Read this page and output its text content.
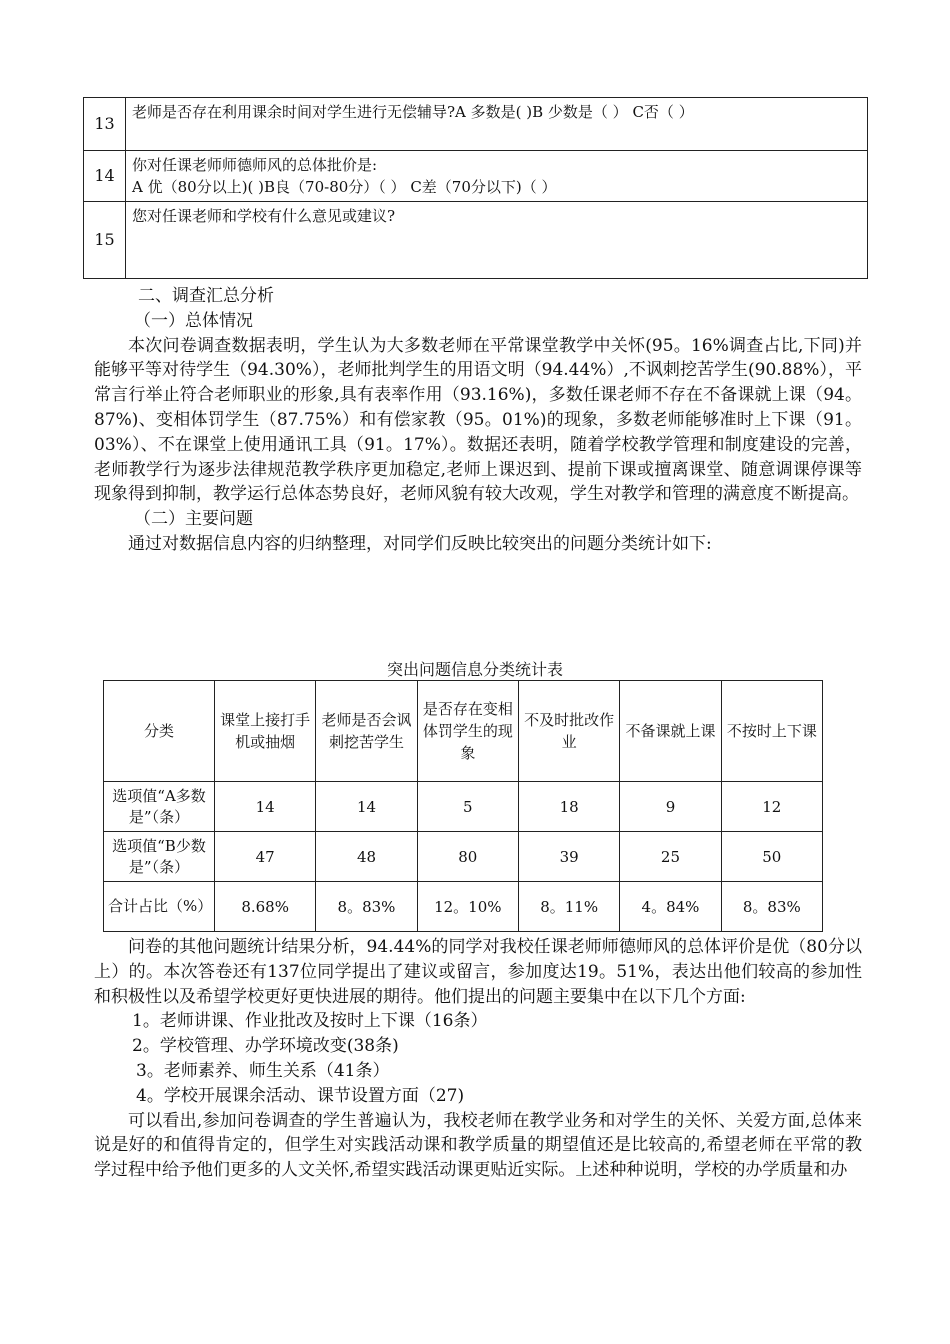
13	老师是否存在利用课余时间对学生进行无偿辅导?A 多数是( )B 少数是（ ） C否（ ）
14	你对任课老师师德师风的总体批价是:
A 优（80分以上)( )B良（70-80分）（ ） C差（70分以下)（ ）

15	您对任课老师和学校有什么意见或建议?

二、调查汇总分析

（一）总体情况

本次问卷调查数据表明，学生认为大多数老师在平常课堂教学中关怀(95。16%调查占比,下同)并能够平等对待学生（94.30%），老师批判学生的用语文明（94.44%）,不讽刺挖苦学生(90.88%），平常言行举止符合老师职业的形象,具有表率作用（93.16%)，多数任课老师不存在不备课就上课（94。87%)、变相体罚学生（87.75%）和有偿家教（95。01%)的现象，多数老师能够准时上下课（91。03%）、不在课堂上使用通讯工具（91。17%）。数据还表明，随着学校教学管理和制度建设的完善，老师教学行为逐步法律规范教学秩序更加稳定,老师上课迟到、提前下课或擅离课堂、随意调课停课等现象得到抑制，教学运行总体态势良好，老师风貌有较大改观，学生对教学和管理的满意度不断提高。

（二）主要问题

通过对数据信息内容的归纳整理，对同学们反映比较突出的问题分类统计如下:

突出问题信息分类统计表
分类	课堂上接打手机或抽烟	老师是否会讽刺挖苦学生	是否存在变相体罚学生的现象	不及时批改作业	不备课就上课	不按时上下课
选项值“A多数是”（条）	14	14	5	18	9	12
选项值“B少数是”（条）	47	48	80	39	25	50
合计占比（%）	8.68%	8。83%	12。10%	8。11%	4。84%	8。83%

问卷的其他问题统计结果分析，94.44%的同学对我校任课老师师德师风的总体评价是优（80分以上）的。本次答卷还有137位同学提出了建议或留言，参加度达19。51%，表达出他们较高的参加性和积极性以及希望学校更好更快进展的期待。他们提出的问题主要集中在以下几个方面:

1。老师讲课、作业批改及按时上下课（16条）

2。学校管理、办学环境改变(38条)

3。老师素养、师生关系（41条）

4。学校开展课余活动、课节设置方面（27)

可以看出,参加问卷调查的学生普遍认为，我校老师在教学业务和对学生的关怀、关爱方面,总体来说是好的和值得肯定的，但学生对实践活动课和教学质量的期望值还是比较高的,希望老师在平常的教学过程中给予他们更多的人文关怀,希望实践活动课更贴近实际。上述种种说明，学校的办学质量和办
